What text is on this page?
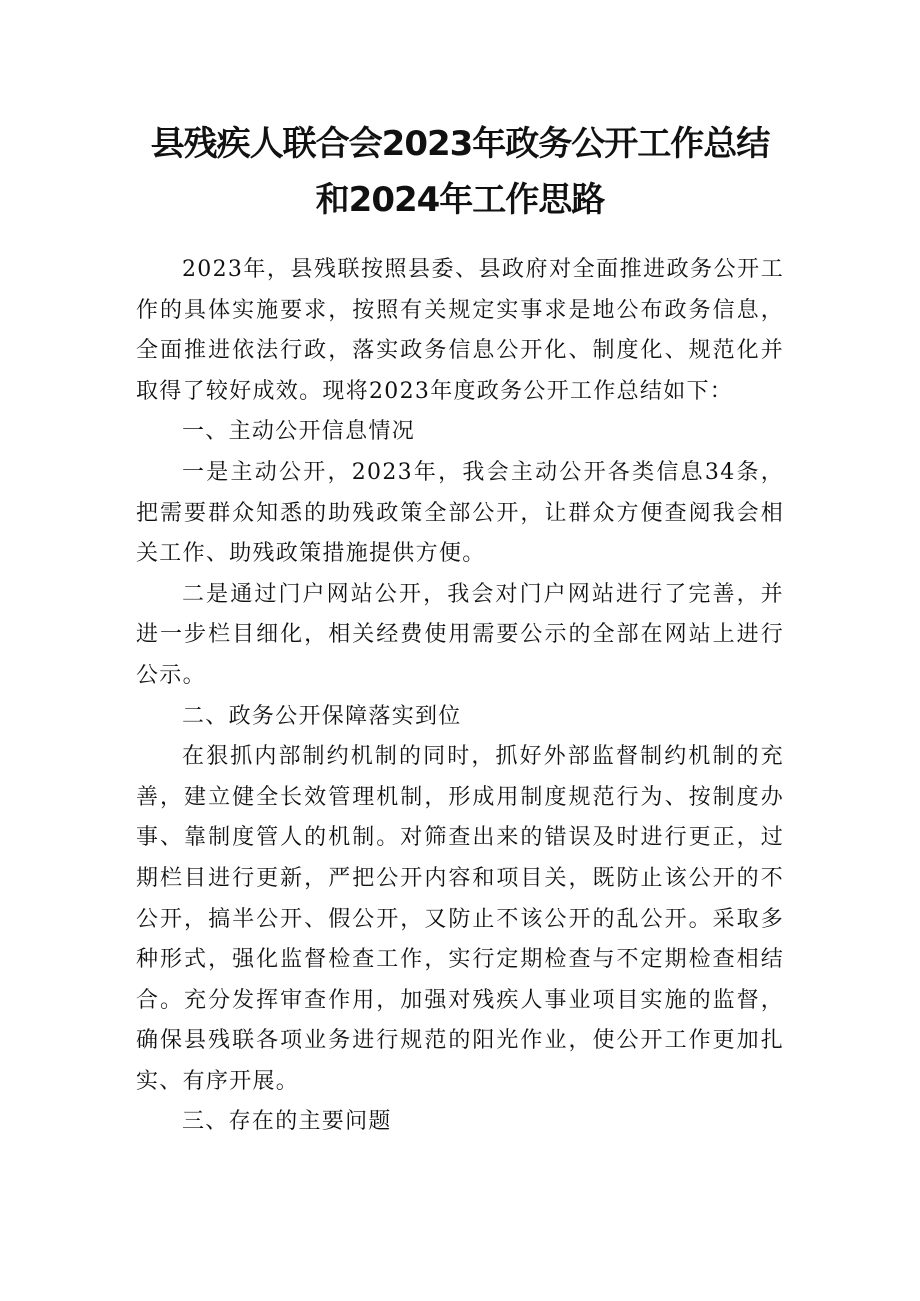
县残疾人联合会2023年政务公开工作总结
和2024年工作思路

2023年，县残联按照县委、县政府对全面推进政务公开工作的具体实施要求，按照有关规定实事求是地公布政务信息，全面推进依法行政，落实政务信息公开化、制度化、规范化并取得了较好成效。现将2023年度政务公开工作总结如下：

一、主动公开信息情况

一是主动公开，2023年，我会主动公开各类信息34条，把需要群众知悉的助残政策全部公开，让群众方便查阅我会相关工作、助残政策措施提供方便。

二是通过门户网站公开，我会对门户网站进行了完善，并进一步栏目细化，相关经费使用需要公示的全部在网站上进行公示。

二、政务公开保障落实到位

在狠抓内部制约机制的同时，抓好外部监督制约机制的充善，建立健全长效管理机制，形成用制度规范行为、按制度办事、靠制度管人的机制。对筛查出来的错误及时进行更正，过期栏目进行更新，严把公开内容和项目关，既防止该公开的不公开，搞半公开、假公开，又防止不该公开的乱公开。采取多种形式，强化监督检查工作，实行定期检查与不定期检查相结合。充分发挥审查作用，加强对残疾人事业项目实施的监督，确保县残联各项业务进行规范的阳光作业，使公开工作更加扎实、有序开展。

三、存在的主要问题
